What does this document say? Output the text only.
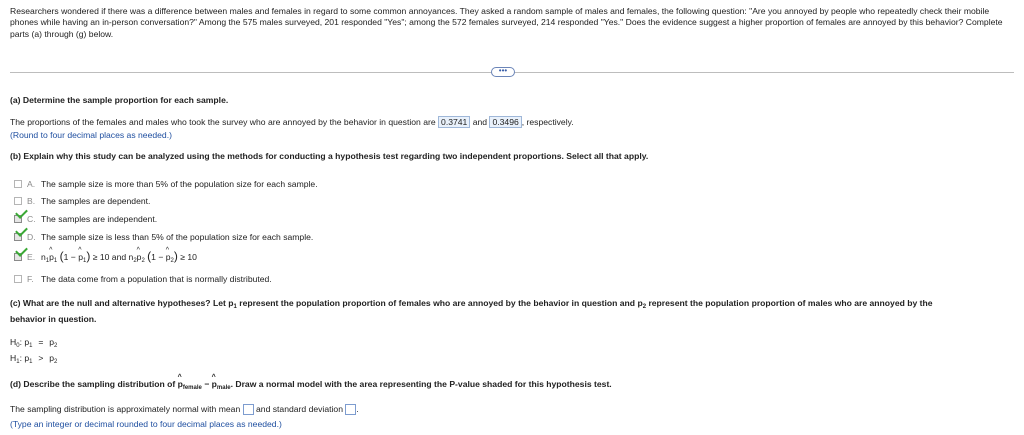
Researchers wondered if there was a difference between males and females in regard to some common annoyances. They asked a random sample of males and females, the following question: "Are you annoyed by people who repeatedly check their mobile phones while having an in-person conversation?" Among the 575 males surveyed, 201 responded "Yes"; among the 572 females surveyed, 214 responded "Yes." Does the evidence suggest a higher proportion of females are annoyed by this behavior? Complete parts (a) through (g) below.
•••
(a) Determine the sample proportion for each sample.
The proportions of the females and males who took the survey who are annoyed by the behavior in question are 0.3741 and 0.3496 , respectively.
(Round to four decimal places as needed.)
(b) Explain why this study can be analyzed using the methods for conducting a hypothesis test regarding two independent proportions. Select all that apply.
A. The sample size is more than 5% of the population size for each sample.
B. The samples are dependent.
C. The samples are independent.
D. The sample size is less than 5% of the population size for each sample.
E. $n_1\^{}$ $p_1$ (1 − ^ $p_1) \ge 10$ and $n_2\^{}$ $p_2$ (1 − ^ $p_2) \ge 10$
F. The data come from a population that is normally distributed.
(c) What are the null and alternative hypotheses? Let $p_1$ represent the population proportion of females who are annoyed by the behavior in question and $p_2$ represent the population proportion of males who are annoyed by the behavior in question.
$H_0$: $p_1 = p_2$
$H_1$: $p_1 > p_2$
(d) Describe the sampling distribution of ^ $p_{female}$ − ^ $p_{male}$. Draw a normal model with the area representing the P-value shaded for this hypothesis test.
The sampling distribution is approximately normal with mean and standard deviation .
(Type an integer or decimal rounded to four decimal places as needed.)
